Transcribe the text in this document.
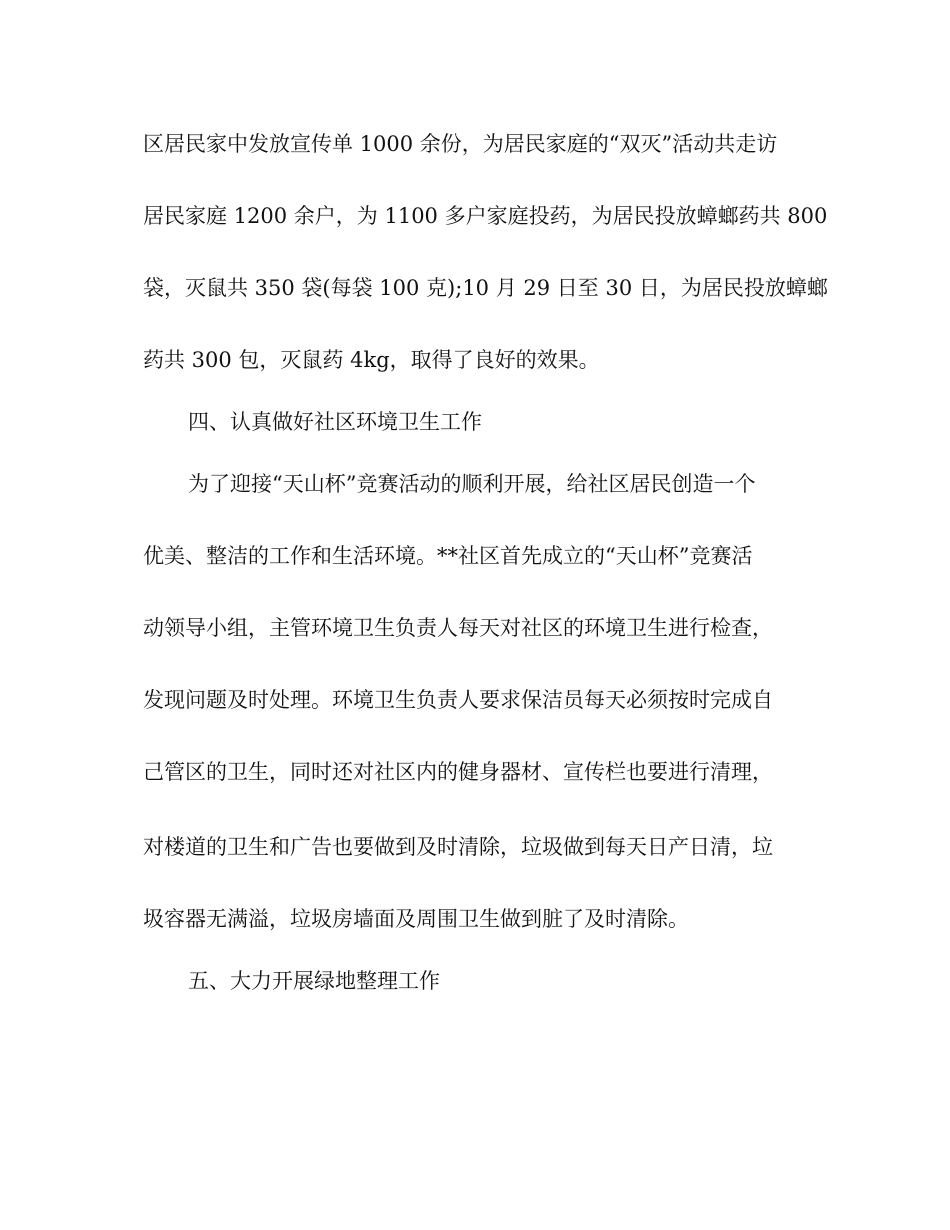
区居民家中发放宣传单 1000 余份，为居民家庭的“双灭”活动共走访
居民家庭 1200 余户，为 1100 多户家庭投药，为居民投放蟑螂药共 800
袋，灭鼠共 350 袋(每袋 100 克);10 月 29 日至 30 日，为居民投放蟑螂
药共 300 包，灭鼠药 4kg，取得了良好的效果。
四、认真做好社区环境卫生工作
为了迎接“天山杯”竞赛活动的顺利开展，给社区居民创造一个
优美、整洁的工作和生活环境。**社区首先成立的“天山杯”竞赛活
动领导小组，主管环境卫生负责人每天对社区的环境卫生进行检查，
发现问题及时处理。环境卫生负责人要求保洁员每天必须按时完成自
己管区的卫生，同时还对社区内的健身器材、宣传栏也要进行清理，
对楼道的卫生和广告也要做到及时清除，垃圾做到每天日产日清，垃
圾容器无满溢，垃圾房墙面及周围卫生做到脏了及时清除。
五、大力开展绿地整理工作
